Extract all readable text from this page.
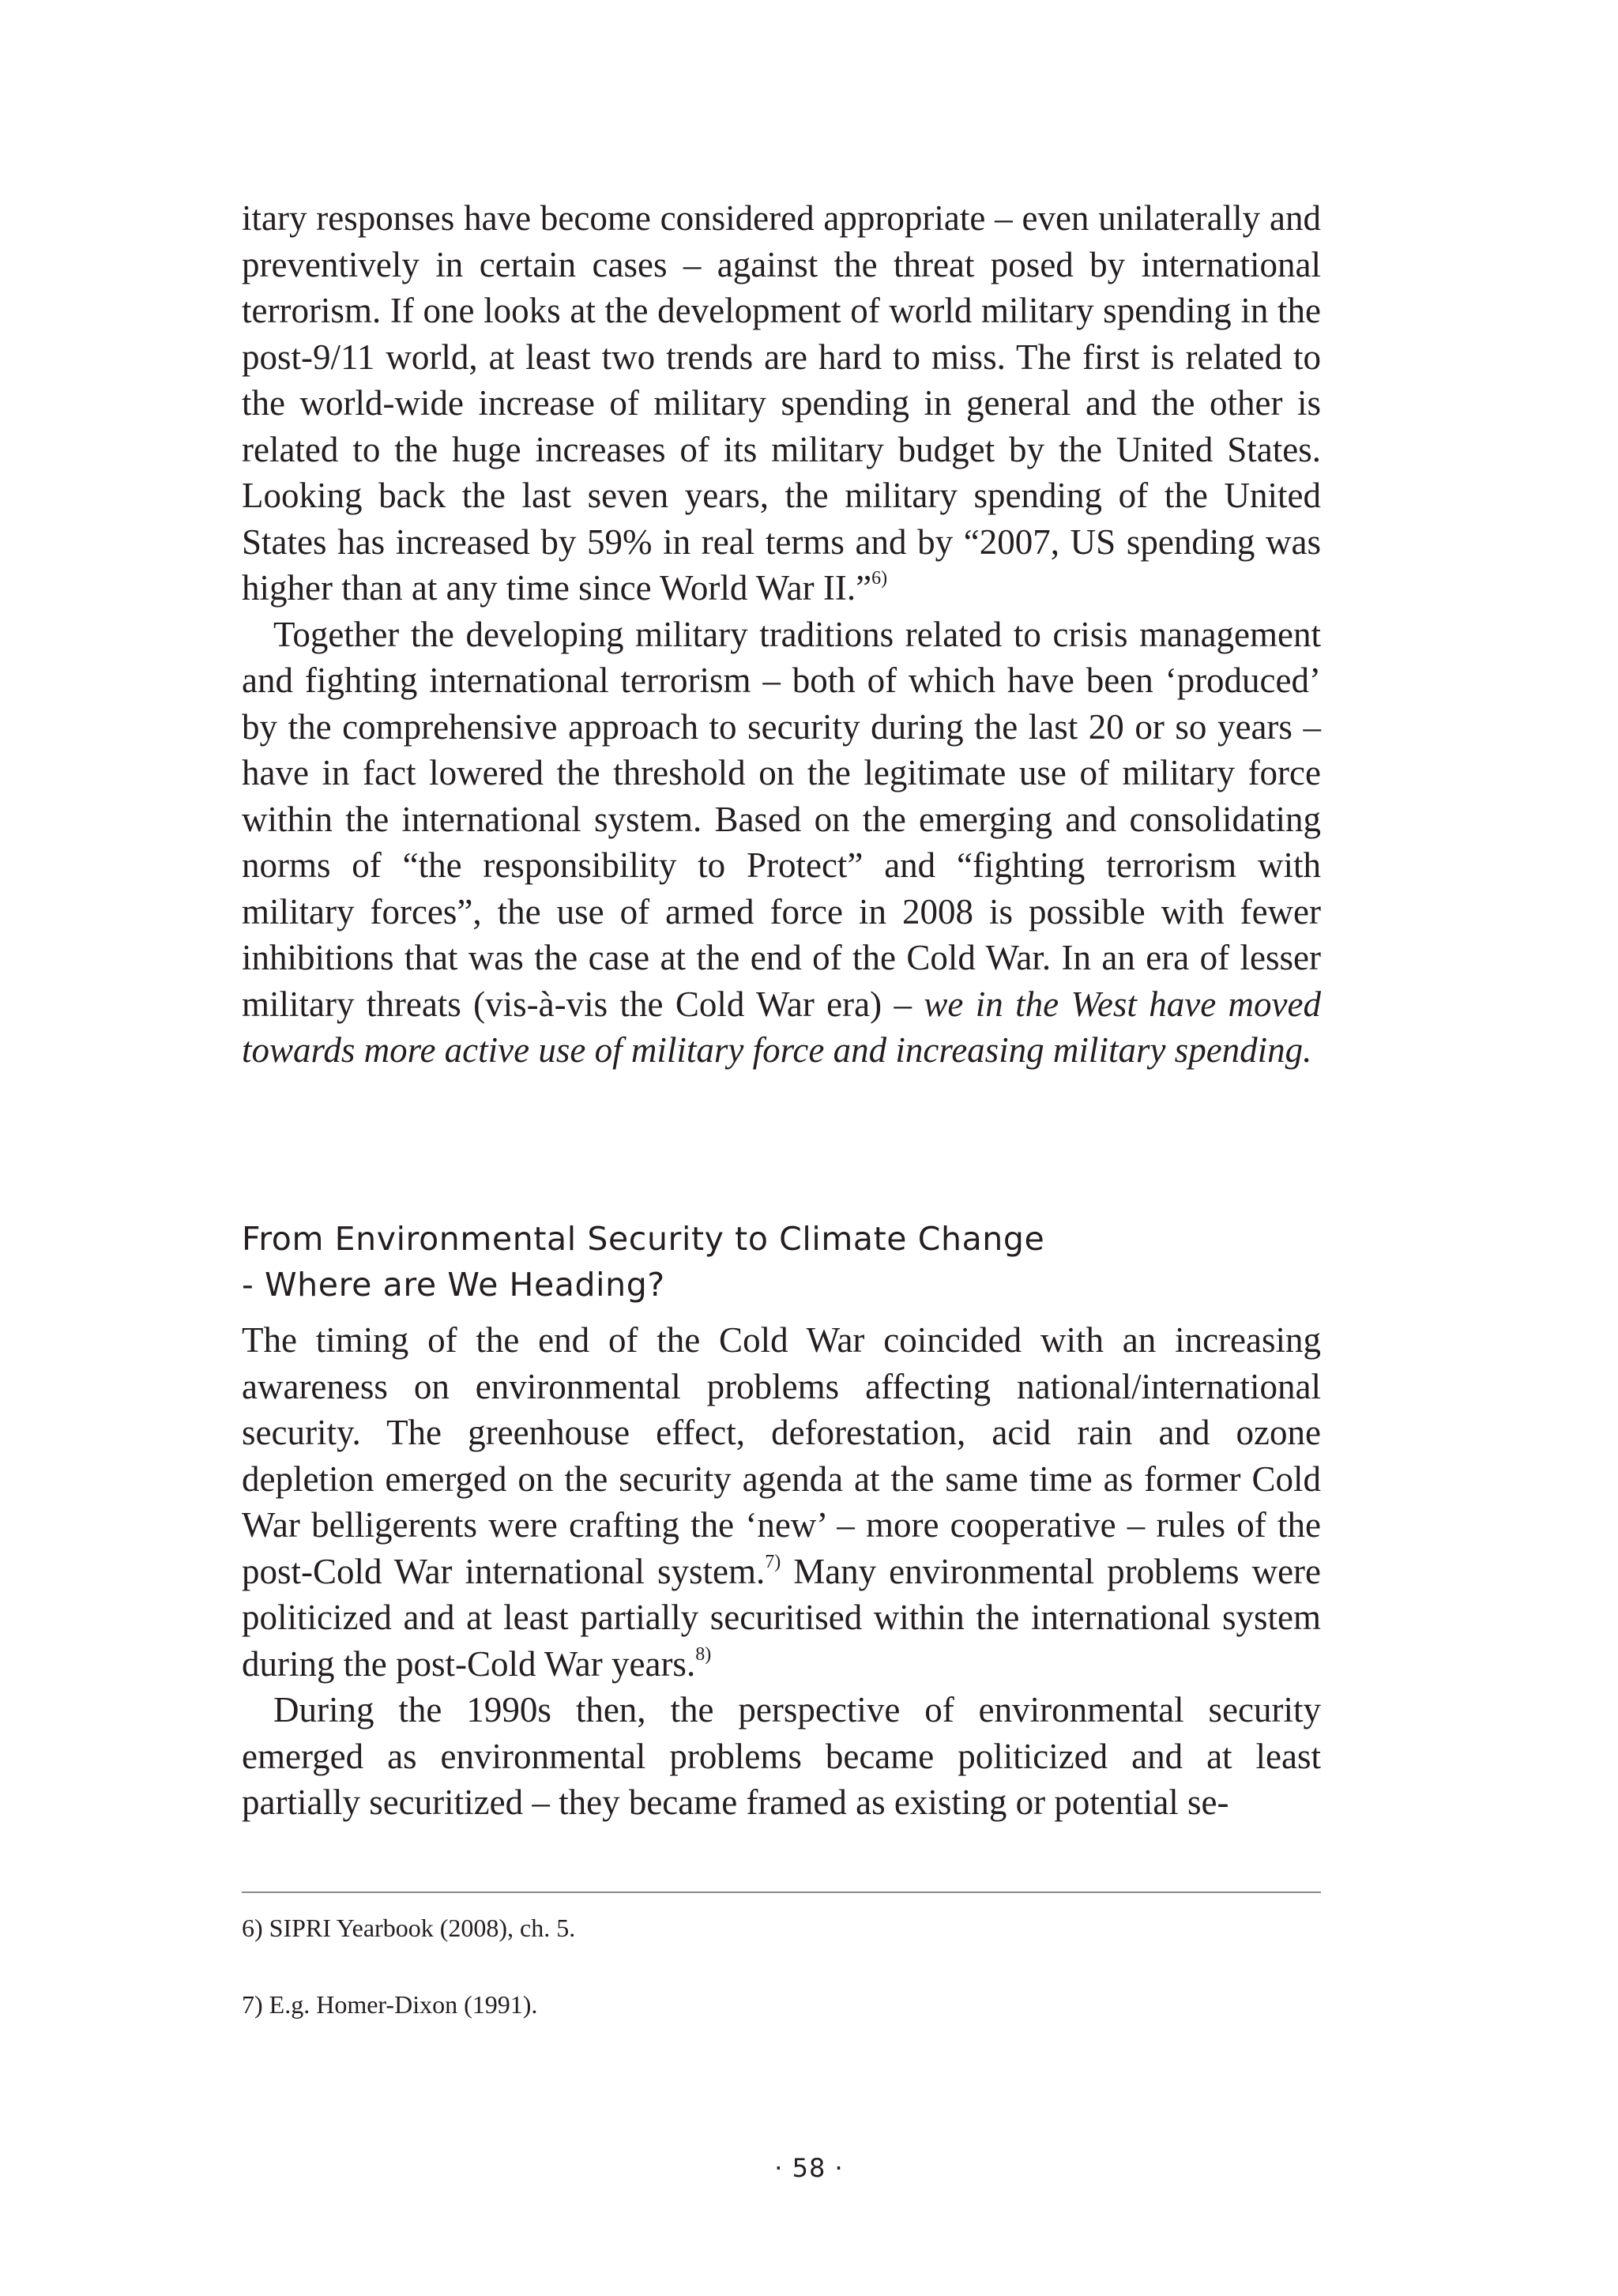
itary responses have become considered appropriate – even unilaterally and preventively in certain cases – against the threat posed by international terrorism. If one looks at the development of world military spending in the post-9/11 world, at least two trends are hard to miss. The first is related to the world-wide increase of military spending in general and the other is related to the huge increases of its military budget by the United States. Looking back the last seven years, the military spending of the United States has increased by 59% in real terms and by “2007, US spending was higher than at any time since World War II.”$^{6)}$

Together the developing military traditions related to crisis management and fighting international terrorism – both of which have been ‘produced’ by the comprehensive approach to security during the last 20 or so years – have in fact lowered the threshold on the legitimate use of military force within the international system. Based on the emerging and consolidating norms of “the responsibility to Protect” and “fighting terrorism with military forces”, the use of armed force in 2008 is possible with fewer inhibitions that was the case at the end of the Cold War. In an era of lesser military threats (vis-à-vis the Cold War era) – we in the West have moved towards more active use of military force and increasing military spending.

From Environmental Security to Climate Change
- Where are We Heading?

The timing of the end of the Cold War coincided with an increasing awareness on environmental problems affecting national/international security. The greenhouse effect, deforestation, acid rain and ozone depletion emerged on the security agenda at the same time as former Cold War belligerents were crafting the ‘new’ – more cooperative – rules of the post-Cold War international system.$^{7)}$ Many environmental problems were politicized and at least partially securitised within the international system during the post-Cold War years.$^{8)}$

During the 1990s then, the perspective of environmental security emerged as environmental problems became politicized and at least partially securitized – they became framed as existing or potential se-

6) SIPRI Yearbook (2008), ch. 5.

7) E.g. Homer-Dixon (1991).

· 58 ·
